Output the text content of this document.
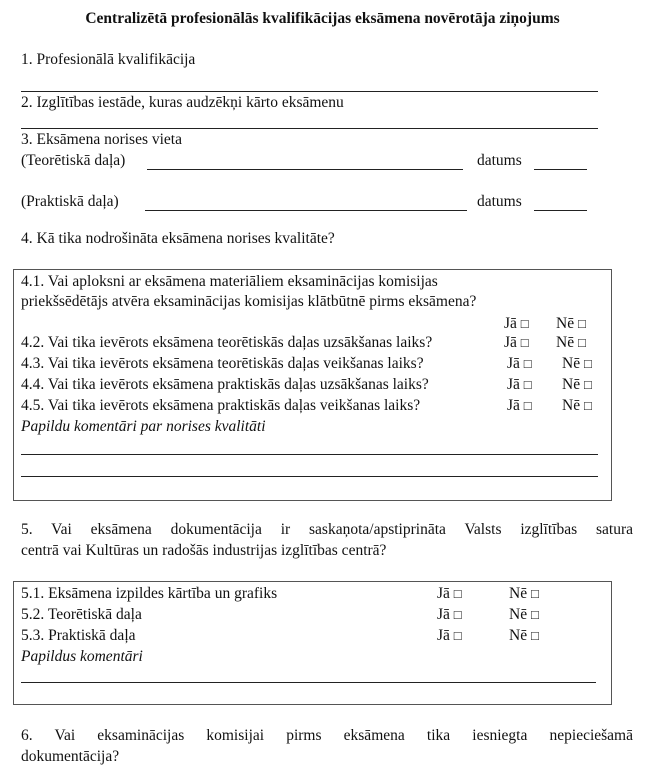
Centralizētā profesionālās kvalifikācijas eksāmena novērotāja ziņojums
1. Profesionālā kvalifikācija
2. Izglītības iestāde, kuras audzēkņi kārto eksāmenu
3. Eksāmena norises vieta
(Teorētiskā daļa)	datums
(Praktiskā daļa)	datums
4. Kā tika nodrošināta eksāmena norises kvalitāte?
4.1. Vai aploksni ar eksāmena materiāliem eksaminācijas komisijas
priekšsēdētājs atvēra eksaminācijas komisijas klātbūtnē pirms eksāmena?
Jā □ Nē □
4.2. Vai tika ievērots eksāmena teorētiskās daļas uzsākšanas laiks?	Jā □ Nē □
4.3. Vai tika ievērots eksāmena teorētiskās daļas veikšanas laiks?	Jā □ Nē □
4.4. Vai tika ievērots eksāmena praktiskās daļas uzsākšanas laiks?	Jā □ Nē □
4.5. Vai tika ievērots eksāmena praktiskās daļas veikšanas laiks?	Jā □ Nē □
Papildu komentāri par norises kvalitāti
5. Vai eksāmena dokumentācija ir saskaņota/apstiprināta Valsts izglītības satura
centrā vai Kultūras un radošās industrijas izglītības centrā?
5.1. Eksāmena izpildes kārtība un grafiks	Jā □	Nē □
5.2. Teorētiskā daļa	Jā □	Nē □
5.3. Praktiskā daļa	Jā □	Nē □
Papildus komentāri
6. Vai eksaminācijas komisijai pirms eksāmena tika iesniegta nepieciešamā
dokumentācija?
